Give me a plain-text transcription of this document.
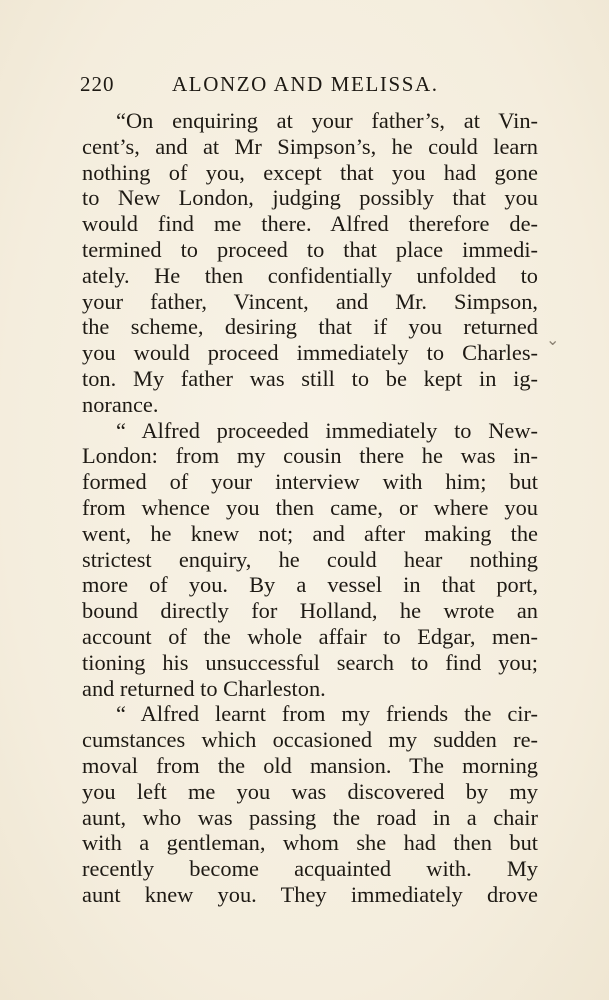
220	ALONZO AND MELISSA.
“On enquiring at your father’s, at Vin-
cent’s, and at Mr Simpson’s, he could learn
nothing of you, except that you had gone
to New London, judging possibly that you
would find me there. Alfred therefore de-
termined to proceed to that place immedi-
ately. He then confidentially unfolded to
your father, Vincent, and Mr. Simpson,
the scheme, desiring that if you returned
you would proceed immediately to Charles-
ton. My father was still to be kept in ig-
norance.
“ Alfred proceeded immediately to New-
London: from my cousin there he was in-
formed of your interview with him; but
from whence you then came, or where you
went, he knew not; and after making the
strictest enquiry, he could hear nothing
more of you. By a vessel in that port,
bound directly for Holland, he wrote an
account of the whole affair to Edgar, men-
tioning his unsuccessful search to find you;
and returned to Charleston.
“ Alfred learnt from my friends the cir-
cumstances which occasioned my sudden re-
moval from the old mansion. The morning
you left me you was discovered by my
aunt, who was passing the road in a chair
with a gentleman, whom she had then but
recently become acquainted with. My
aunt knew you. They immediately drove
⌄
